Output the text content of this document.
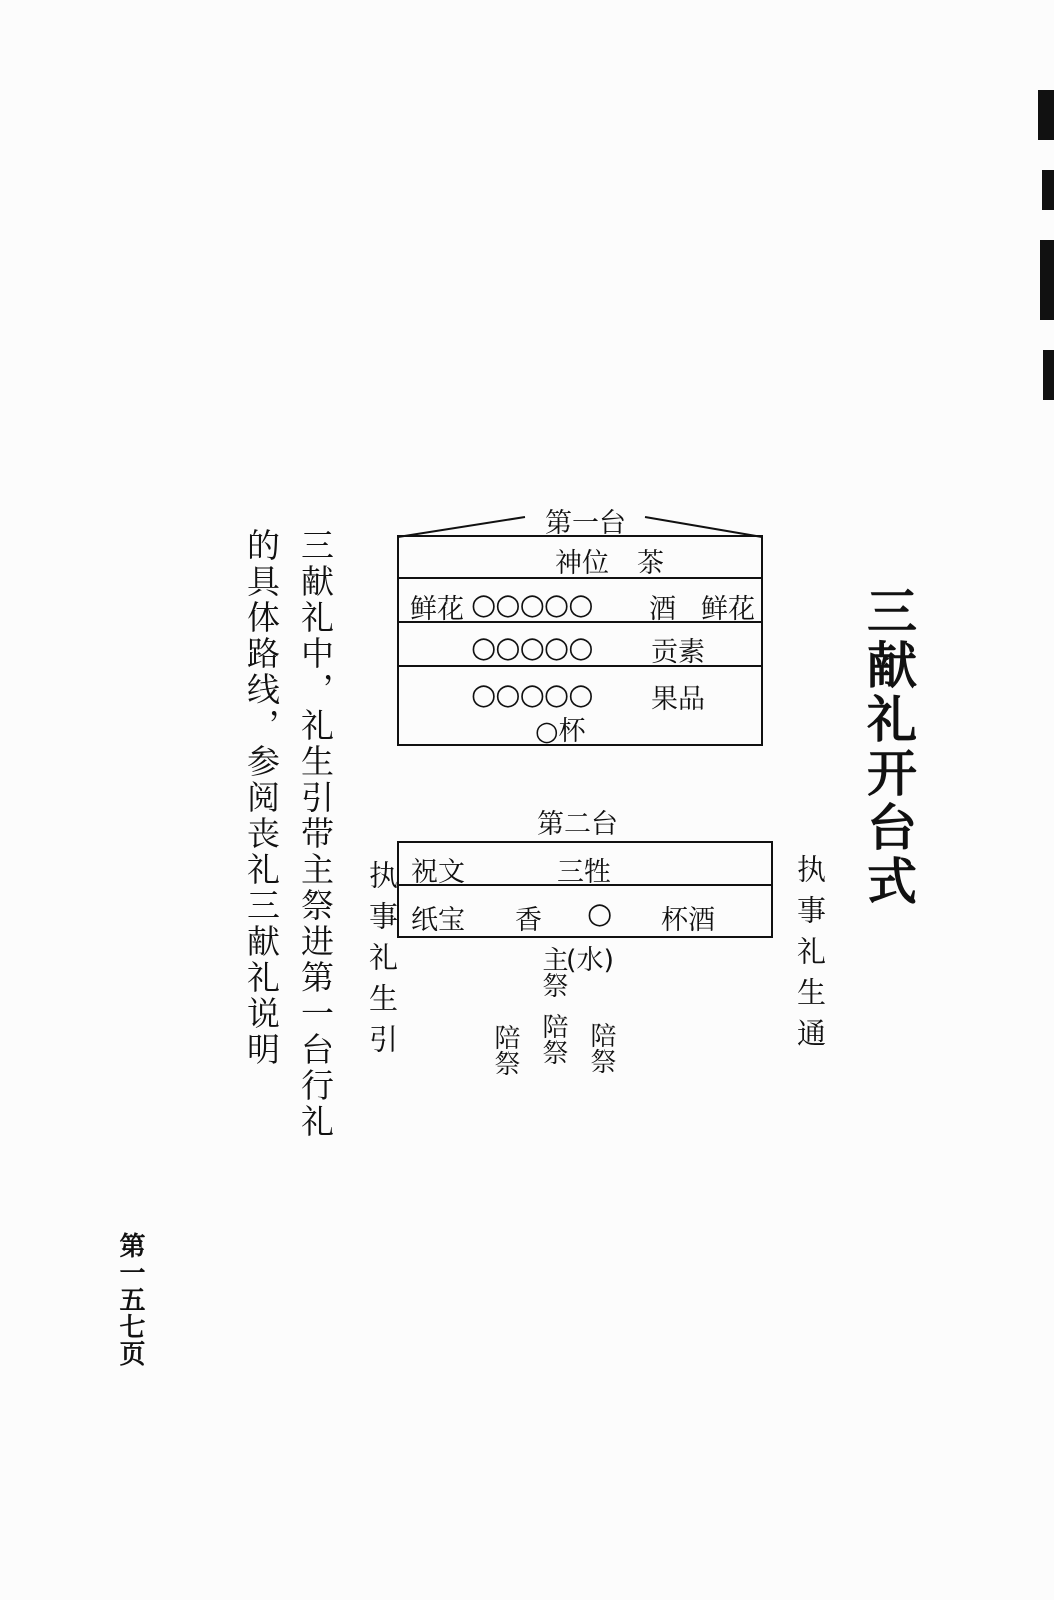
三献礼开台式
三献礼中，礼生引带主祭进第一台行礼
的具体路线，参阅丧礼三献礼说明
第一五七页
第一台
神位 茶
鲜花 ○○○○○ 酒 鲜花
○○○○○ 贡素
○○○○○ 果品
○杯
第二台
祝文	三牲
纸宝 香 ○ 杯酒
(水)
执事礼生引	执事礼生通
主祭
陪祭
陪祭	陪祭
